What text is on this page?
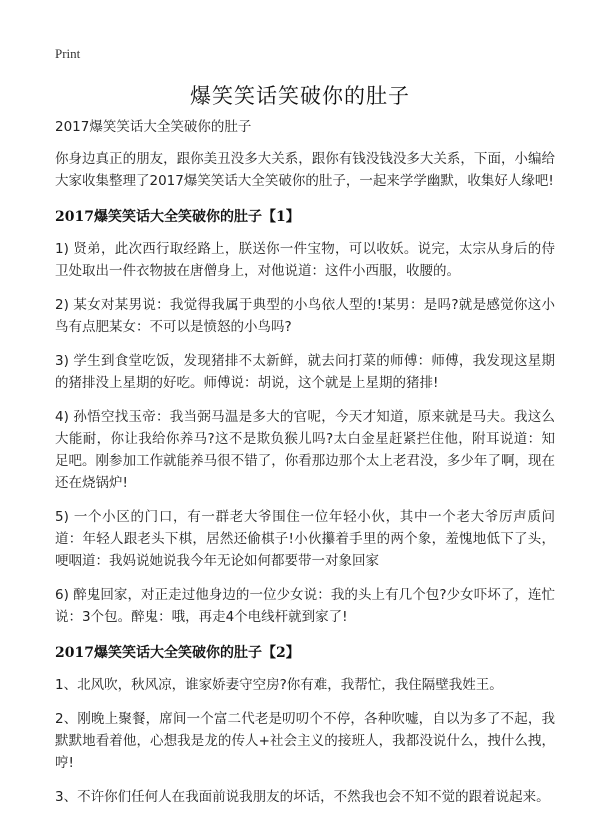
Print
爆笑笑话笑破你的肚子
2017爆笑笑话大全笑破你的肚子

你身边真正的朋友，跟你美丑没多大关系，跟你有钱没钱没多大关系，下面，小编给大家收集整理了2017爆笑笑话大全笑破你的肚子，一起来学学幽默，收集好人缘吧!

2017爆笑笑话大全笑破你的肚子【1】

1) 贤弟，此次西行取经路上，朕送你一件宝物，可以收妖。说完，太宗从身后的侍卫处取出一件衣物披在唐僧身上，对他说道：这件小西服，收腰的。

2) 某女对某男说：我觉得我属于典型的小鸟依人型的!某男：是吗?就是感觉你这小鸟有点肥某女：不可以是愤怒的小鸟吗?

3) 学生到食堂吃饭，发现猪排不太新鲜，就去问打菜的师傅：师傅，我发现这星期的猪排没上星期的好吃。师傅说：胡说，这个就是上星期的猪排!

4) 孙悟空找玉帝：我当弼马温是多大的官呢，今天才知道，原来就是马夫。我这么大能耐，你让我给你养马?这不是欺负猴儿吗?太白金星赶紧拦住他，附耳说道：知足吧。刚参加工作就能养马很不错了，你看那边那个太上老君没，多少年了啊，现在还在烧锅炉!

5) 一个小区的门口，有一群老大爷围住一位年轻小伙，其中一个老大爷厉声质问道：年轻人跟老头下棋，居然还偷棋子!小伙攥着手里的两个象，羞愧地低下了头，哽咽道：我妈说她说我今年无论如何都要带一对象回家

6) 醉鬼回家，对正走过他身边的一位少女说：我的头上有几个包?少女吓坏了，连忙说：3个包。醉鬼：哦，再走4个电线杆就到家了!

2017爆笑笑话大全笑破你的肚子【2】

1、北风吹，秋风凉，谁家娇妻守空房?你有难，我帮忙，我住隔壁我姓王。

2、刚晚上聚餐，席间一个富二代老是叨叨个不停，各种吹嘘，自以为多了不起，我默默地看着他，心想我是龙的传人+社会主义的接班人，我都没说什么，拽什么拽，哼!

3、不许你们任何人在我面前说我朋友的坏话，不然我也会不知不觉的跟着说起来。
